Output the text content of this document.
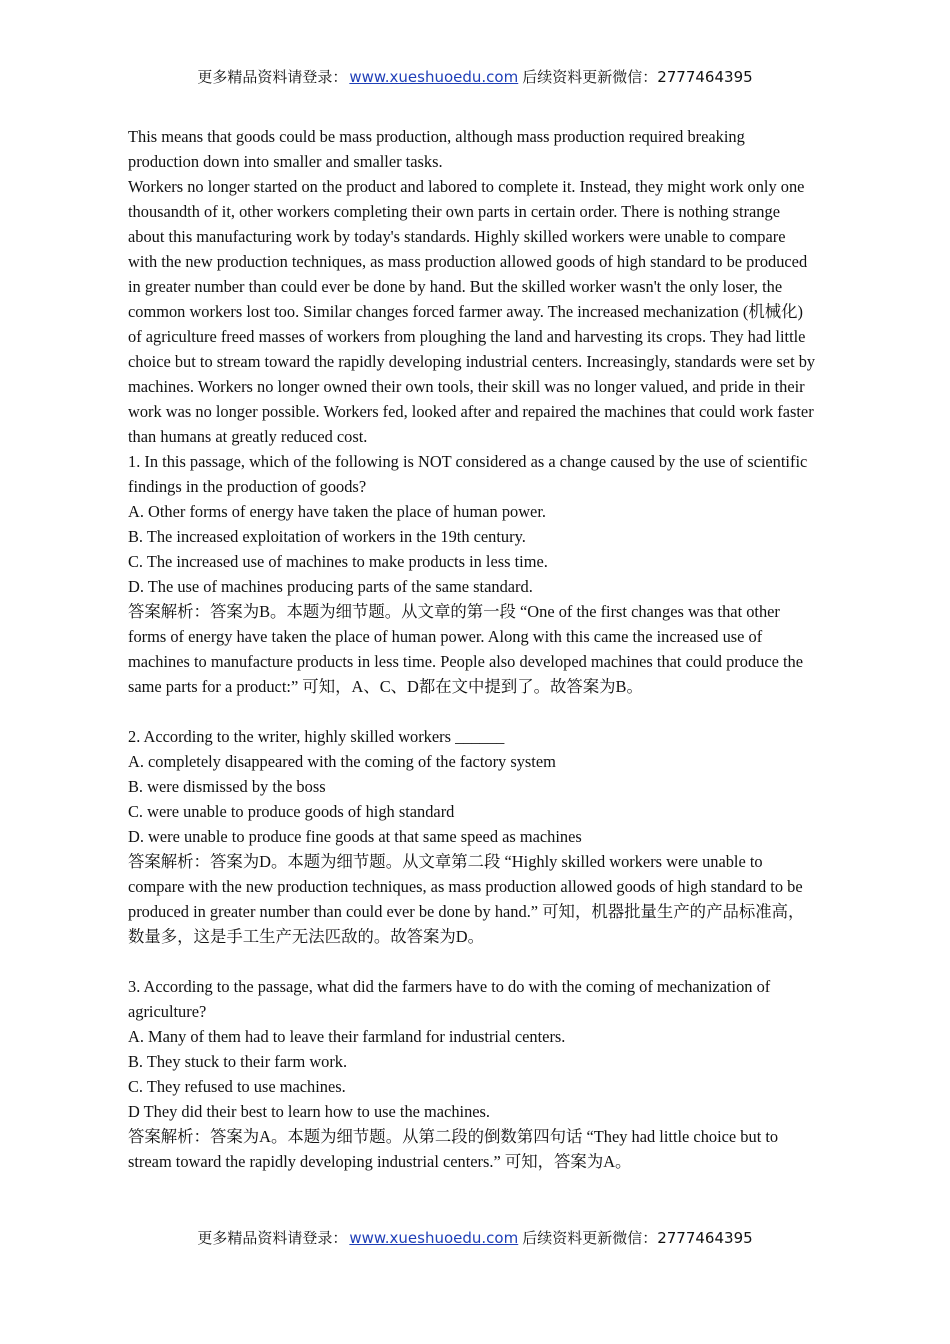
更多精品资料请登录： www.xueshuoedu.com 后续资料更新微信：2777464395

This means that goods could be mass production, although mass production required breaking production down into smaller and smaller tasks.

Workers no longer started on the product and labored to complete it. Instead, they might work only one thousandth of it, other workers completing their own parts in certain order. There is nothing strange about this manufacturing work by today's standards. Highly skilled workers were unable to compare with the new production techniques, as mass production allowed goods of high standard to be produced in greater number than could ever be done by hand. But the skilled worker wasn't the only loser, the common workers lost too. Similar changes forced farmer away. The increased mechanization (机械化) of agriculture freed masses of workers from ploughing the land and harvesting its crops. They had little choice but to stream toward the rapidly developing industrial centers. Increasingly, standards were set by machines. Workers no longer owned their own tools, their skill was no longer valued, and pride in their work was no longer possible. Workers fed, looked after and repaired the machines that could work faster than humans at greatly reduced cost.

1. In this passage, which of the following is NOT considered as a change caused by the use of scientific findings in the production of goods?

A. Other forms of energy have taken the place of human power.

B. The increased exploitation of workers in the 19th century.

C. The increased use of machines to make products in less time.

D. The use of machines producing parts of the same standard.

答案解析：答案为B。本题为细节题。从文章的第一段 “One of the first changes was that other forms of energy have taken the place of human power. Along with this came the increased use of machines to manufacture products in less time. People also developed machines that could produce the same parts for a product:” 可知，A、C、D都在文中提到了。故答案为B。

2. According to the writer, highly skilled workers ______

A. completely disappeared with the coming of the factory system

B. were dismissed by the boss

C. were unable to produce goods of high standard

D. were unable to produce fine goods at that same speed as machines

答案解析：答案为D。本题为细节题。从文章第二段 “Highly skilled workers were unable to compare with the new production techniques, as mass production allowed goods of high standard to be produced in greater number than could ever be done by hand.” 可知，机器批量生产的产品标准高，数量多，这是手工生产无法匹敌的。故答案为D。

3. According to the passage, what did the farmers have to do with the coming of mechanization of agriculture?

A. Many of them had to leave their farmland for industrial centers.

B. They stuck to their farm work.

C. They refused to use machines.

D They did their best to learn how to use the machines.

答案解析：答案为A。本题为细节题。从第二段的倒数第四句话 “They had little choice but to stream toward the rapidly developing industrial centers.” 可知，答案为A。

更多精品资料请登录： www.xueshuoedu.com 后续资料更新微信：2777464395
